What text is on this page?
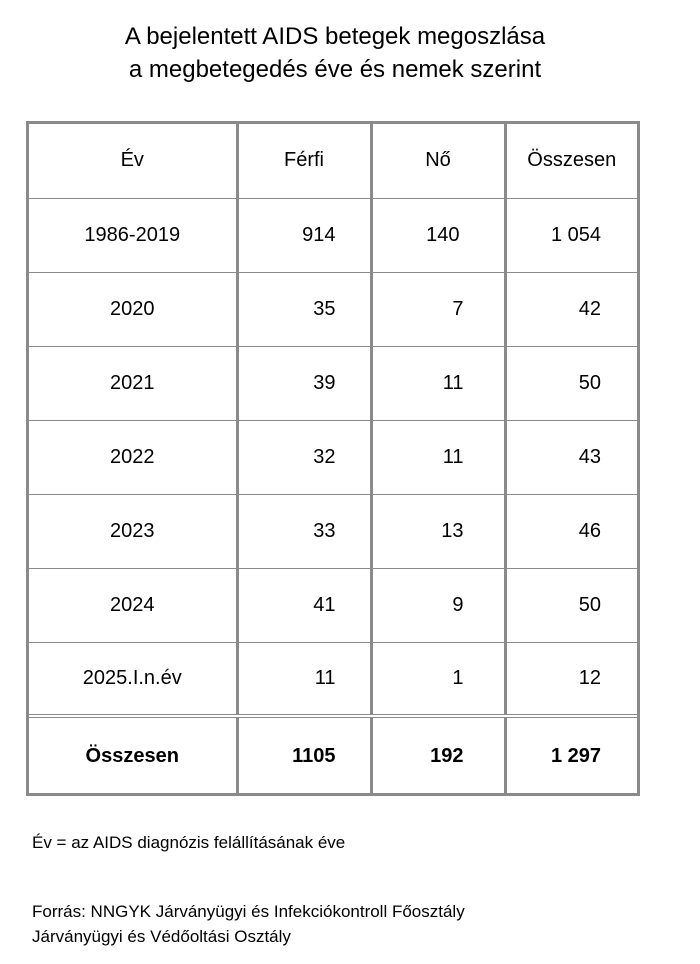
A bejelentett AIDS betegek megoszlása
a megbetegedés éve és nemek szerint
Év	Férfi	Nő	Összesen
1986-2019	914	140	1 054
2020	35	7	42
2021	39	11	50
2022	32	11	43
2023	33	13	46
2024	41	9	50
2025.I.n.év	11	1	12
Összesen	1105	192	1 297
Év = az AIDS diagnózis felállításának éve
Forrás: NNGYK Járványügyi és Infekciókontroll Főosztály
Járványügyi és Védőoltási Osztály
